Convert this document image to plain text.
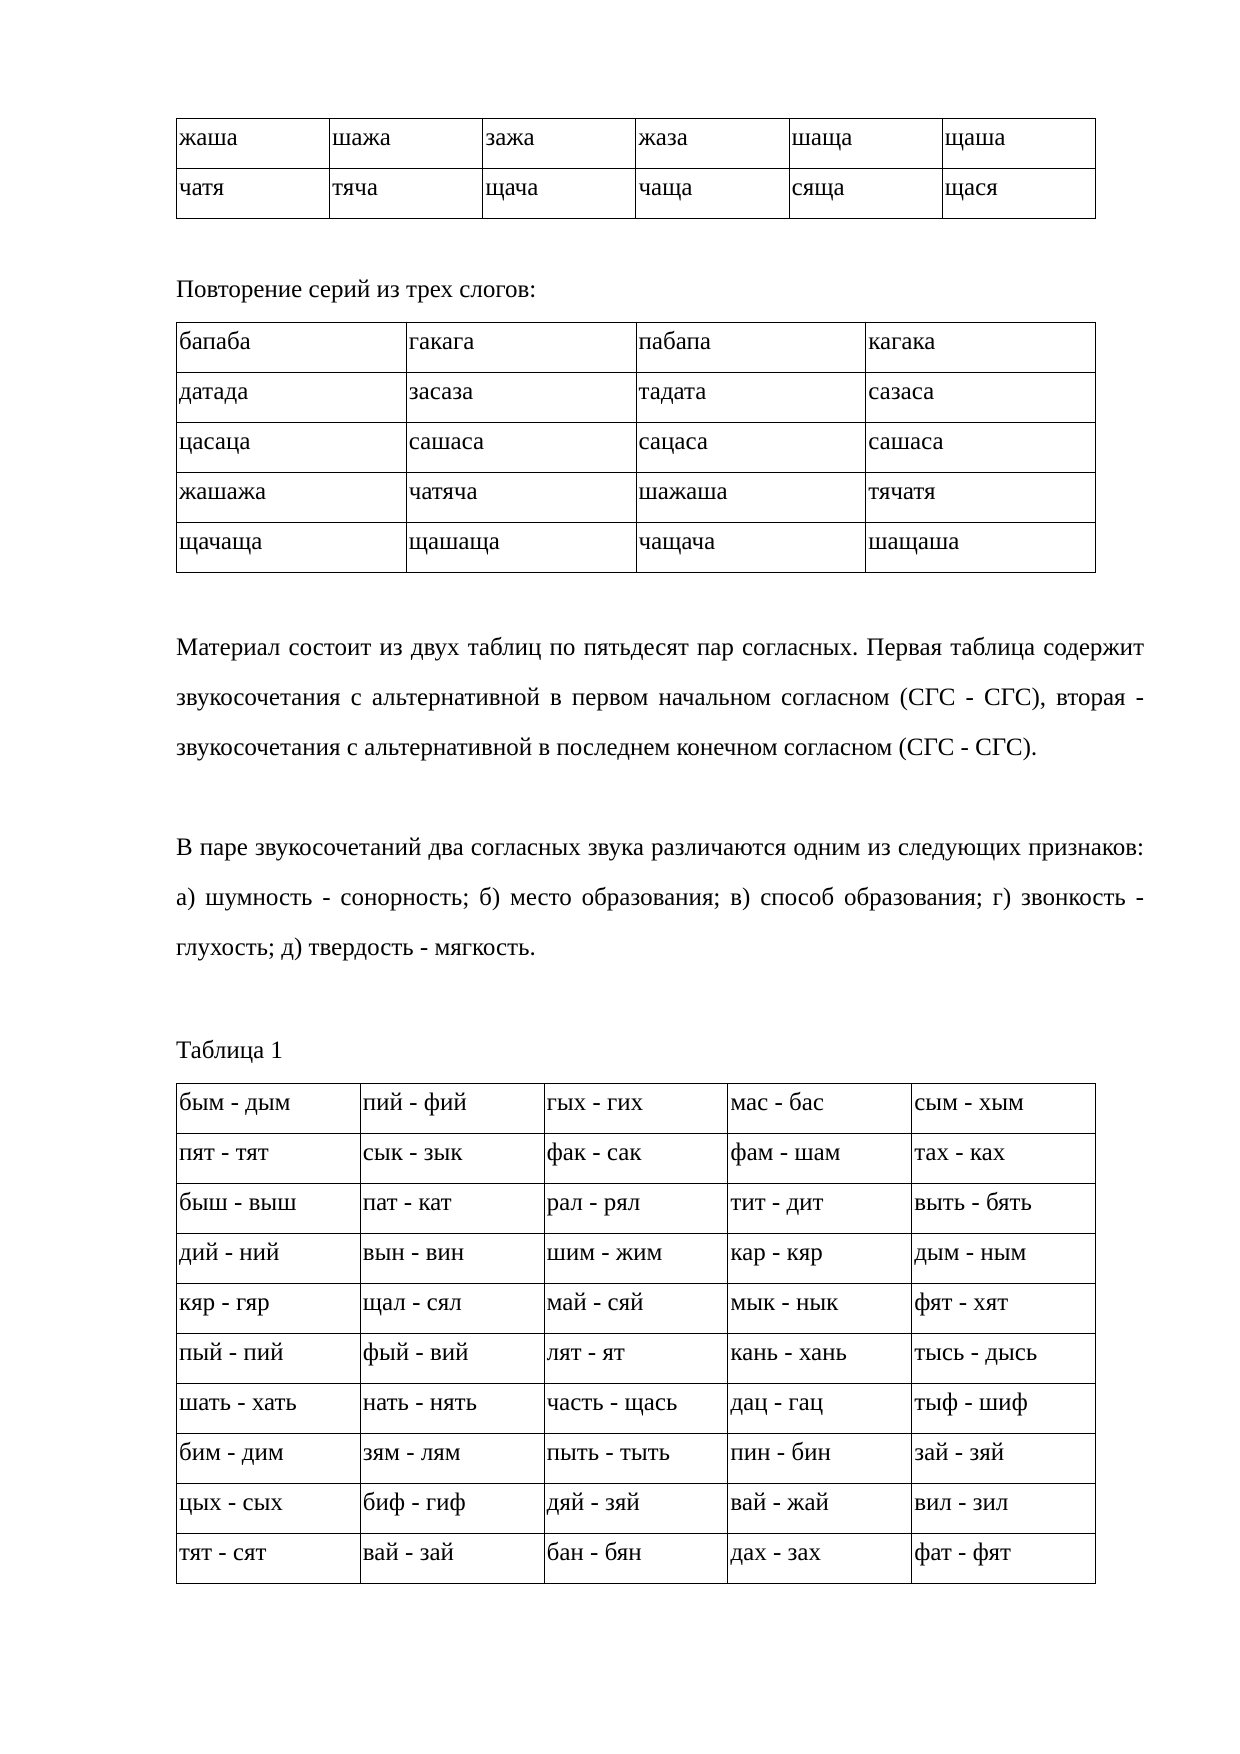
жаша	шажа	зажа	жаза	шаща	щаша
чатя	тяча	щача	чаща	сяща	щася
Повторение серий из трех слогов:
бапаба	гакага	пабапа	кагака
датада	засаза	тадата	сазаса
цасаца	сашаса	сацаса	сашаса
жашажа	чатяча	шажаша	тячатя
щачаща	щашаща	чащача	шащаша

Материал состоит из двух таблиц по пятьдесят пар согласных. Первая таблица содержит звукосочетания с альтернативной в первом начальном согласном (СГС - СГС), вторая - звукосочетания с альтернативной в последнем конечном согласном (СГС - СГС).

В паре звукосочетаний два согласных звука различаются одним из следующих признаков: а) шумность - сонорность; б) место образования; в) способ образования; г) звонкость - глухость; д) твердость - мягкость.

Таблица 1
бым - дым	пий - фий	гых - гих	мас - бас	сым - хым
пят - тят	сык - зык	фак - сак	фам - шам	тах - ках
быш - выш	пат - кат	рал - рял	тит - дит	выть - бять
дий - ний	вын - вин	шим - жим	кар - кяр	дым - ным
кяр - гяр	щал - сял	май - сяй	мык - нык	фят - хят
пый - пий	фый - вий	лят - ят	кань - хань	тысь - дысь
шать - хать	нать - нять	часть - щась	дац - гац	тыф - шиф
бим - дим	зям - лям	пыть - тыть	пин - бин	зай - зяй
цых - сых	биф - гиф	дяй - зяй	вай - жай	вил - зил
тят - сят	вай - зай	бан - бян	дах - зах	фат - фят
